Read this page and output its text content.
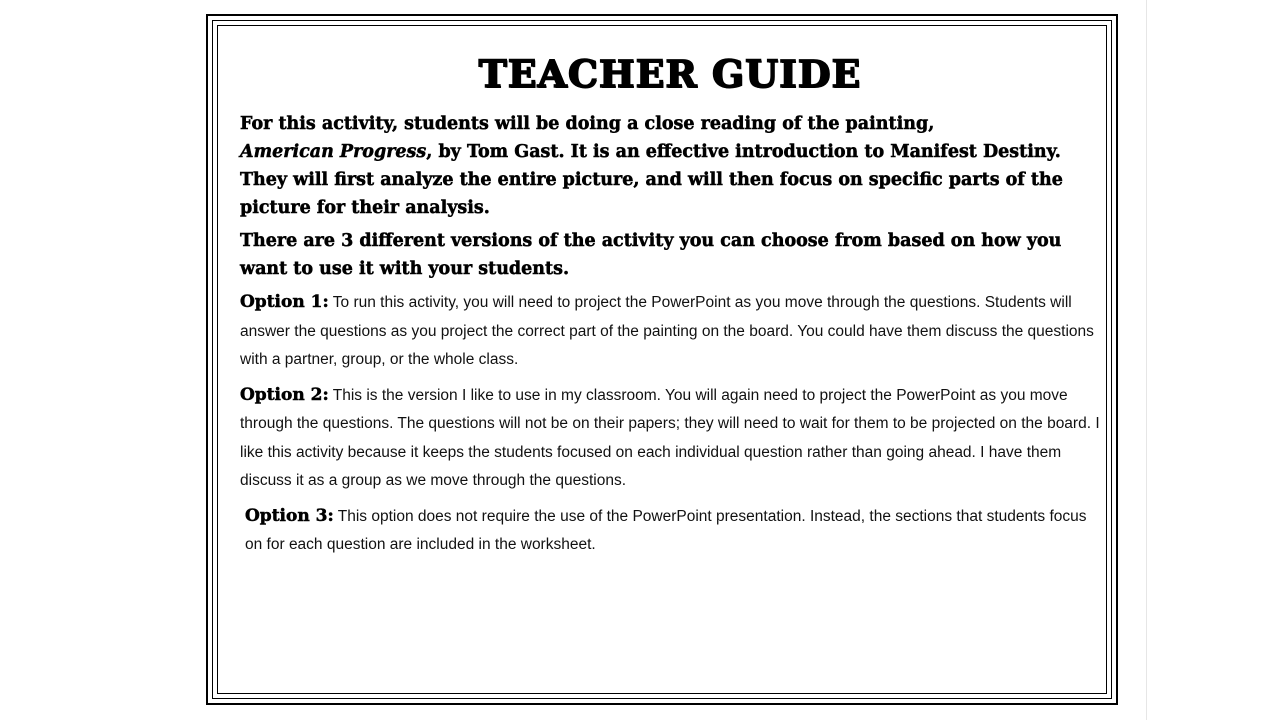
TEACHER GUIDE

For this activity, students will be doing a close reading of the painting,
American Progress, by Tom Gast. It is an effective introduction to Manifest Destiny. They will first analyze the entire picture, and will then focus on specific parts of the picture for their analysis.

There are 3 different versions of the activity you can choose from based on how you want to use it with your students.

Option 1: To run this activity, you will need to project the PowerPoint as you move through the questions. Students will answer the questions as you project the correct part of the painting on the board. You could have them discuss the questions with a partner, group, or the whole class.

Option 2: This is the version I like to use in my classroom. You will again need to project the PowerPoint as you move through the questions. The questions will not be on their papers; they will need to wait for them to be projected on the board. I like this activity because it keeps the students focused on each individual question rather than going ahead. I have them discuss it as a group as we move through the questions.

Option 3: This option does not require the use of the PowerPoint presentation. Instead, the sections that students focus on for each question are included in the worksheet.
